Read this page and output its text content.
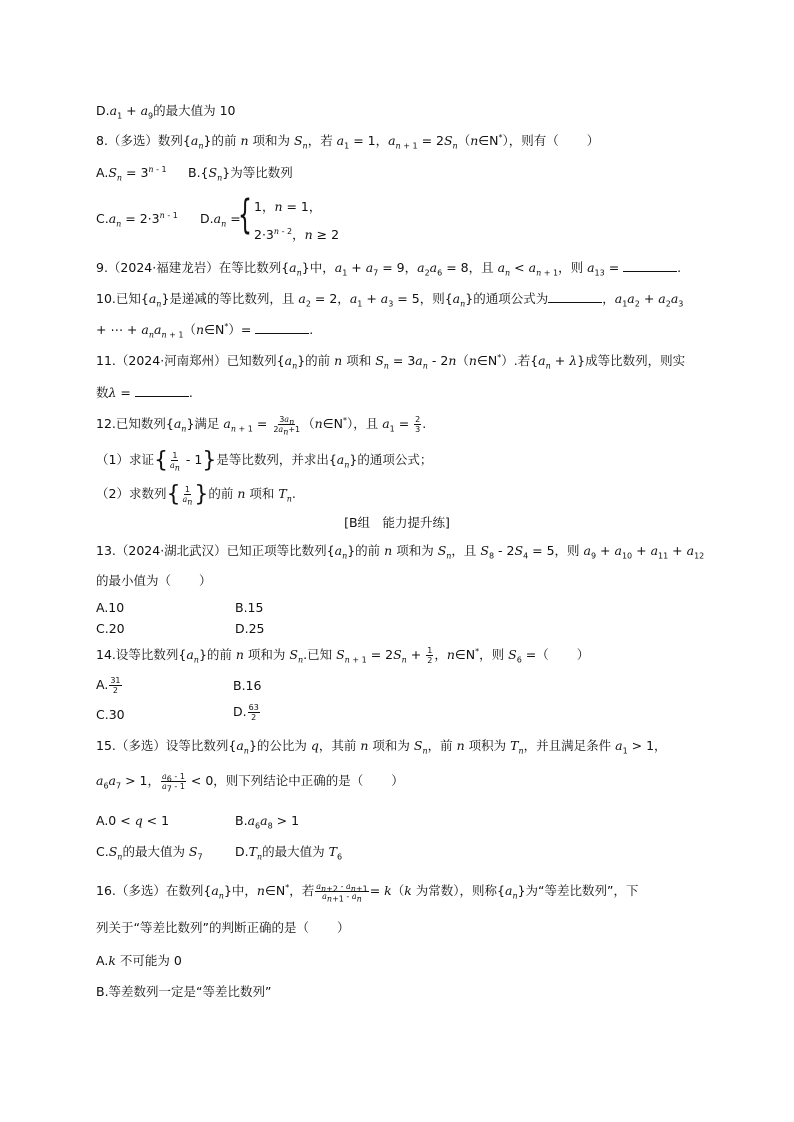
$D.a_1 + a_9$的最大值为 10
8.（多选）数列$\{a_n\}$的前 n 项和为 $S_n$，若 $a_1 = 1$，$a_{n + 1}$ = $2S_n(n\in N^*)$，则有（ ）
$A.S_n = 3^{n - 1}$ $B.\{S_n\}$为等比数列
$C.a_n = 2\cdot 3^{n - 1}$ $D.a_n$ =
{ 1，n = 1，
$2\cdot 3^{n - 2}$，n ≥ 2
9.（2024·福建龙岩）在等比数列$\{a_n\}$中，$a_1 + a_7 = 9$，$a_2a_6 = 8$，且 $a_n < a_{n + 1}$，则 $a_{13}$ =	.
10.已知$\{a_n\}$是递减的等比数列，且 $a_2 = 2$，$a_1 + a_3 = 5$，则$\{a_n\}$的通项公式为	，$a_1a_2 + a_2a_3$
+ ⋯ + $a_na_{n + 1}(n\in N^*)=$	.
11.（2024·河南郑州）已知数列$\{a_n\}$的前 n 项和 $S_n = 3a_n$ - 2n（n∈N*）.若$\{a_n + \lambda\}$成等比数列，则实
数λ =	.
12.已知数列$\{a_n\}$满足 $a_{n + 1} = \frac{3a_n}{2a_n+1}$ （n∈N*），且 $a_1 = \frac{2}{3}$ .
（1）求证{ $\frac{1}{a_n} - 1$}是等比数列，并求出$\{a_n\}$的通项公式；
（2）求数列{ $\frac{1}{a_n}$ }的前 n 项和 $T_n$.
[B组　能力提升练]
13.（2024·湖北武汉）已知正项等比数列$\{a_n\}$的前 n 项和为 $S_n$，且 $S_8 - 2S_4 = 5$，则 $a_9 + a_{10} + a_{11} + a_{12}$
的最小值为（ ）
A.10	B.15
C.20	D.25
14.设等比数列$\{a_n\}$的前 n 项和为 $S_n$.已知 $S_{n + 1} = 2S_n + \frac{1}{2}$ ，n∈N*，则 $S_6$ =（ ）
A. $\frac{31}{2}$	B.16
C.30	D. $\frac{63}{2}$
15.（多选）设等比数列$\{a_n\}$的公比为 q，其前 n 项和为 $S_n$，前 n 项积为 $T_n$，并且满足条件 $a_1 > 1$，
$a_6a_7 > 1$， $\frac{a_6 - 1}{a_7 - 1} < 0$，则下列结论中正确的是（ ）
A.0 < q < 1	$B.a_6a_8 > 1$
$C.S_n$的最大值为 $S_7$	$D.T_n$的最大值为 $T_6$
16.（多选）在数列$\{a_n\}$中，n∈N*，若 $\frac{a_{n+2} - a_{n+1}}{a_{n+1} - a_n} = k(k$ 为常数），则称$\{a_n\}$为“等差比数列”，下
列关于“等差比数列”的判断正确的是（ ）
A.k 不可能为 0
B.等差数列一定是“等差比数列”
